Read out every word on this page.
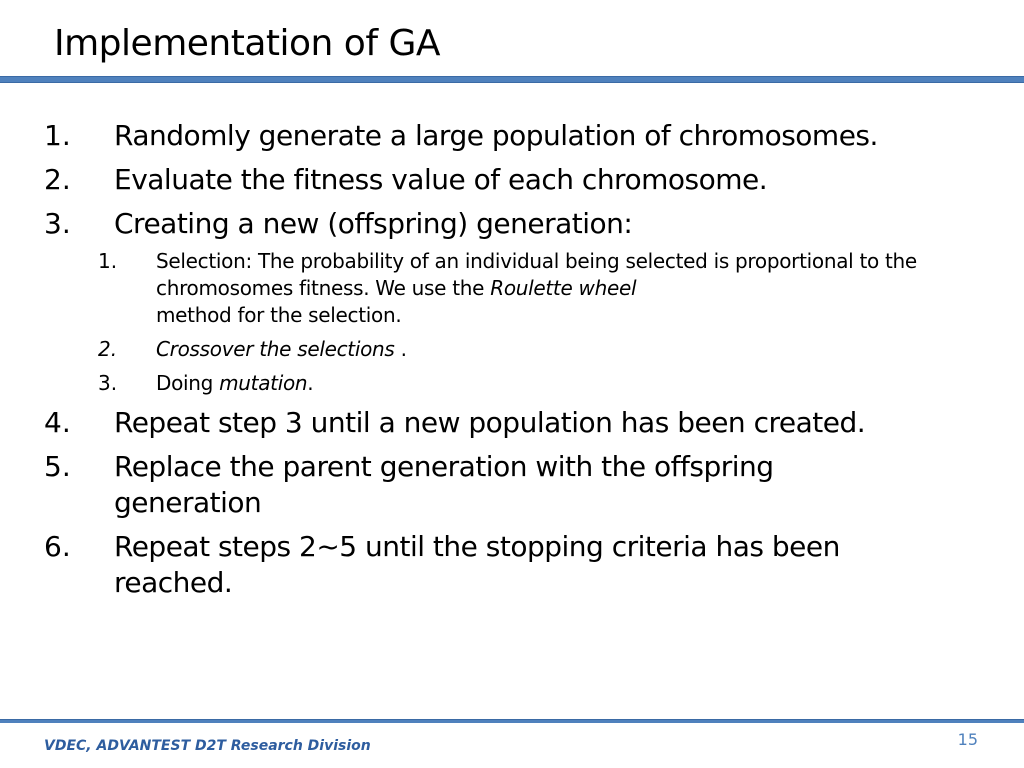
Implementation of GA
1.	Randomly generate a large population of chromosomes.
2.	Evaluate the fitness value of each chromosome.
3.	Creating a new (offspring) generation:
1.	Selection: The probability of an individual being selected is proportional to the chromosomes fitness. We use the Roulette wheel
method for the selection.
2.	Crossover the selections .
3.	Doing mutation.
4.	Repeat step 3 until a new population has been created.
5.	Replace the parent generation with the offspring
generation
6.	Repeat steps 2~5 until the stopping criteria has been
reached.
VDEC, ADVANTEST D2T Research Division	15
